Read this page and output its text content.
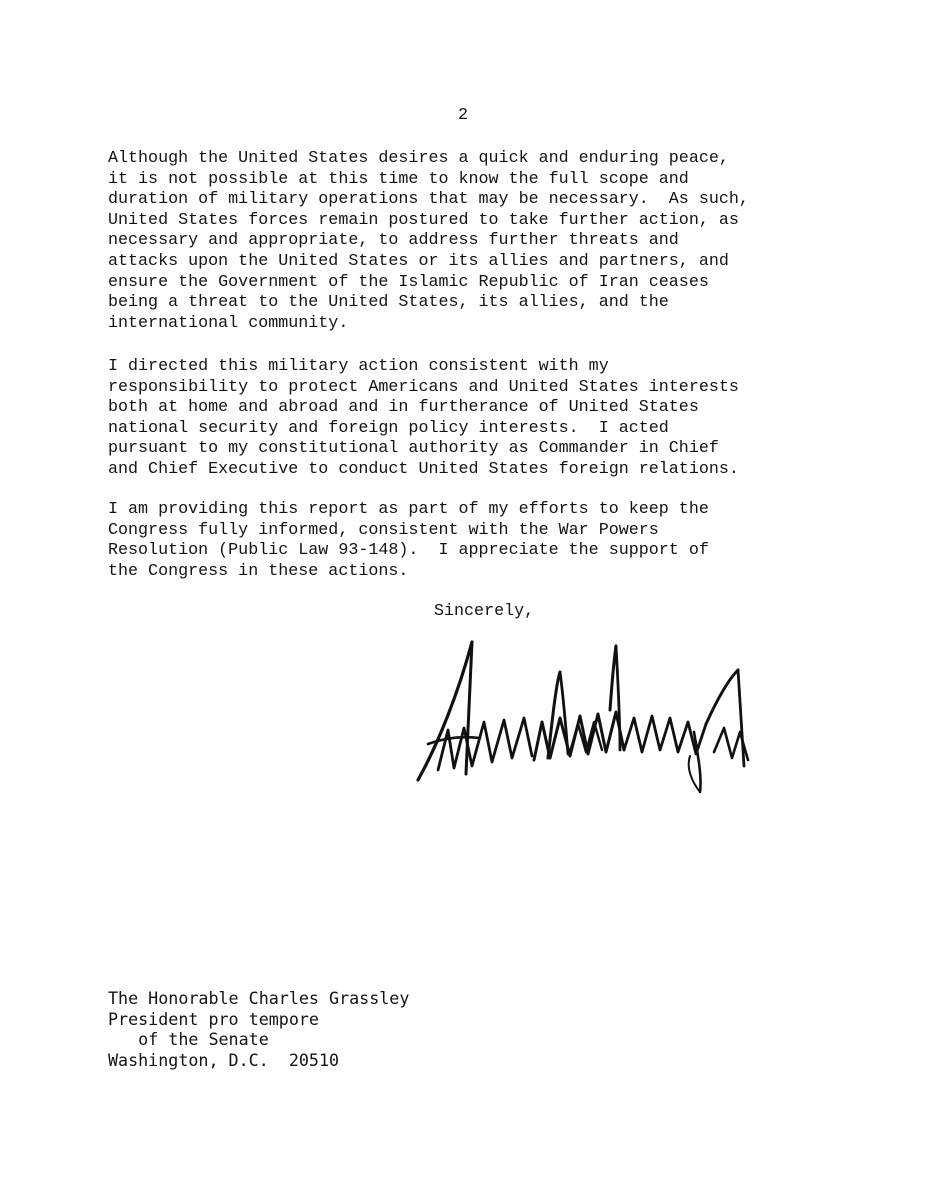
2

Although the United States desires a quick and enduring peace,
it is not possible at this time to know the full scope and
duration of military operations that may be necessary.  As such,
United States forces remain postured to take further action, as
necessary and appropriate, to address further threats and
attacks upon the United States or its allies and partners, and
ensure the Government of the Islamic Republic of Iran ceases
being a threat to the United States, its allies, and the
international community.

I directed this military action consistent with my
responsibility to protect Americans and United States interests
both at home and abroad and in furtherance of United States
national security and foreign policy interests.  I acted
pursuant to my constitutional authority as Commander in Chief
and Chief Executive to conduct United States foreign relations.

I am providing this report as part of my efforts to keep the
Congress fully informed, consistent with the War Powers
Resolution (Public Law 93-148).  I appreciate the support of
the Congress in these actions.

Sincerely,
The Honorable Charles Grassley
President pro tempore
of the Senate
Washington, D.C.  20510
